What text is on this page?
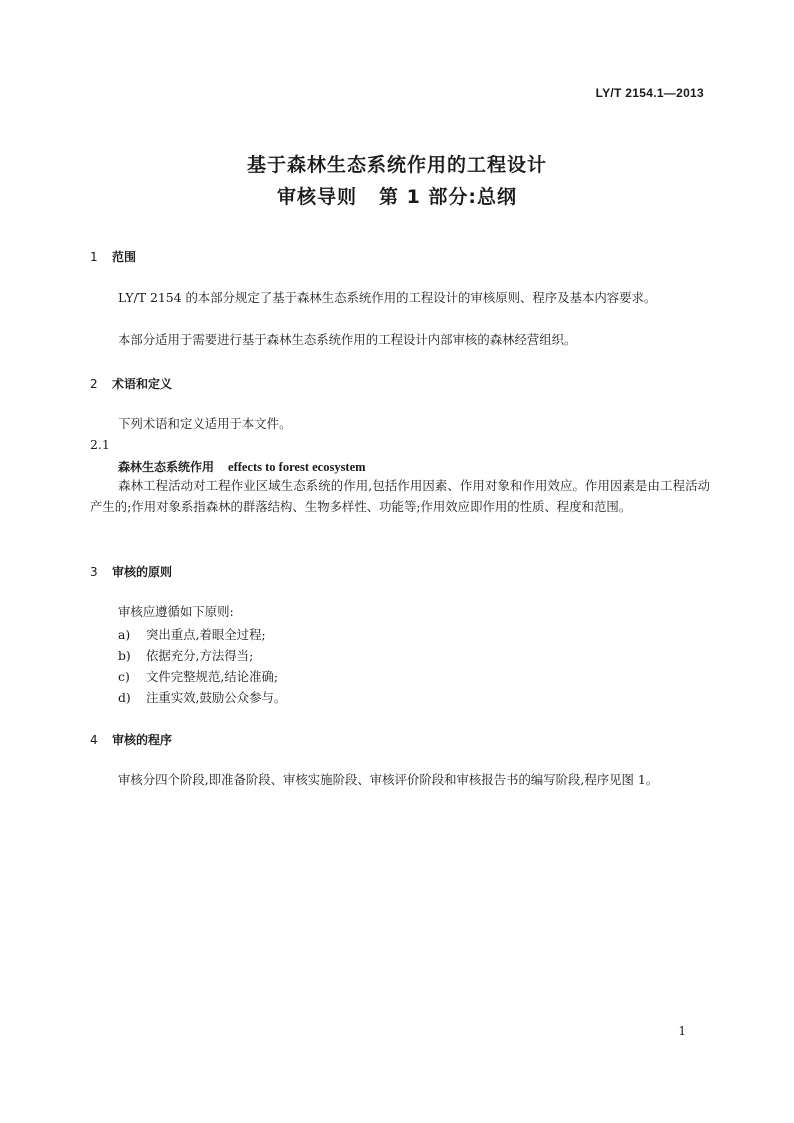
LY/T 2154.1—2013
基于森林生态系统作用的工程设计
审核导则 第 1 部分:总纲
1 范围
LY/T 2154 的本部分规定了基于森林生态系统作用的工程设计的审核原则、程序及基本内容要求。
本部分适用于需要进行基于森林生态系统作用的工程设计内部审核的森林经营组织。
2 术语和定义
下列术语和定义适用于本文件。
2.1
森林生态系统作用 effects to forest ecosystem
森林工程活动对工程作业区域生态系统的作用,包括作用因素、作用对象和作用效应。作用因素是由工程活动产生的;作用对象系指森林的群落结构、生物多样性、功能等;作用效应即作用的性质、程度和范围。
3 审核的原则
审核应遵循如下原则:
a) 突出重点,着眼全过程;
b) 依据充分,方法得当;
c) 文件完整规范,结论准确;
d) 注重实效,鼓励公众参与。
4 审核的程序
审核分四个阶段,即准备阶段、审核实施阶段、审核评价阶段和审核报告书的编写阶段,程序见图 1。
1
